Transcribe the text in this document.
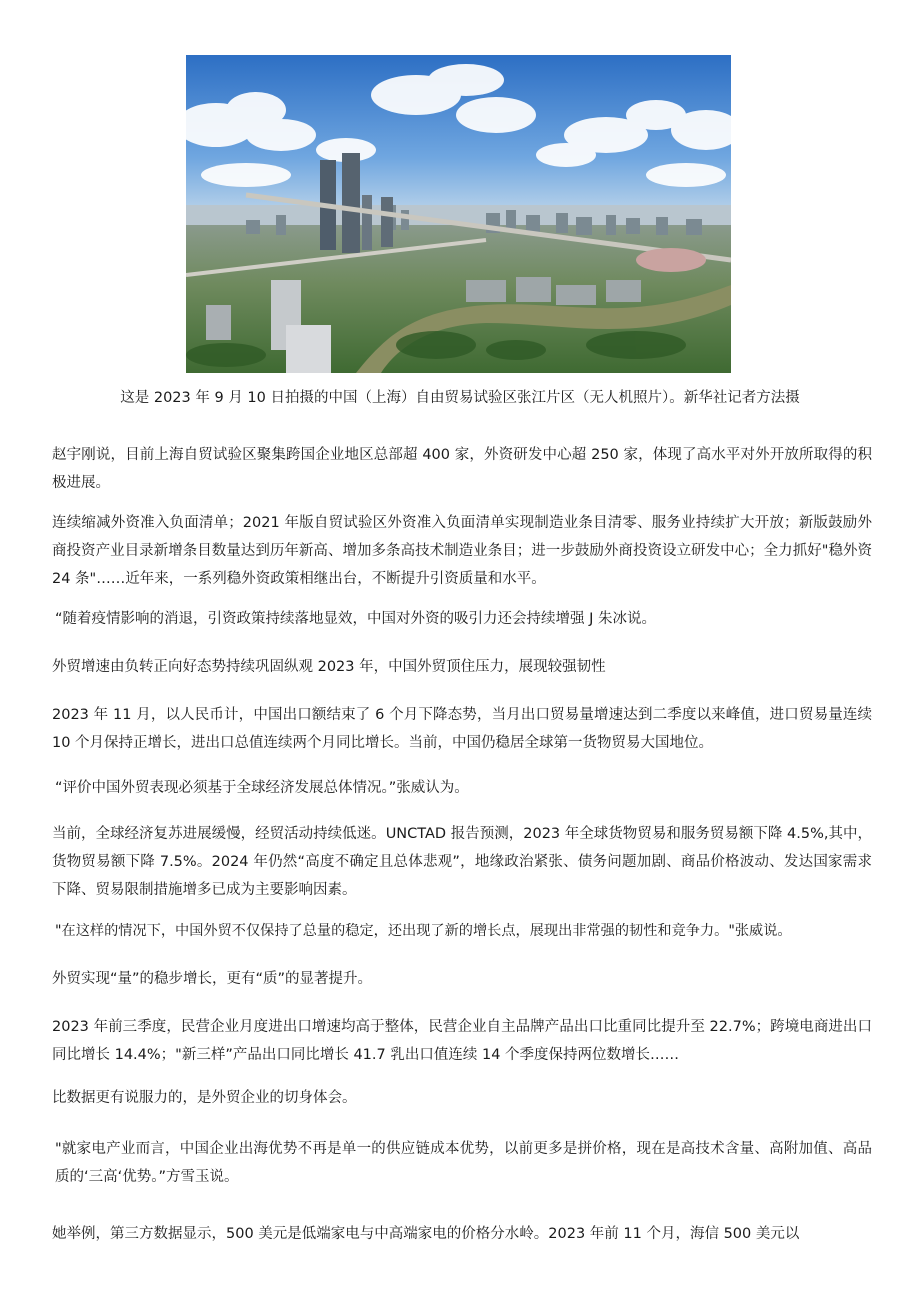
这是 2023 年 9 月 10 日拍摄的中国（上海）自由贸易试验区张江片区（无人机照片）。新华社记者方法摄

赵宇刚说，目前上海自贸试验区聚集跨国企业地区总部超 400 家，外资研发中心超 250 家，体现了高水平对外开放所取得的积极进展。

连续缩减外资准入负面清单；2021 年版自贸试验区外资准入负面清单实现制造业条目清零、服务业持续扩大开放；新版鼓励外商投资产业目录新增条目数量达到历年新高、增加多条高技术制造业条目；进一步鼓励外商投资设立研发中心；全力抓好"稳外资 24 条"……近年来，一系列稳外资政策相继出台，不断提升引资质量和水平。

“随着疫情影响的消退，引资政策持续落地显效，中国对外资的吸引力还会持续增强 J 朱冰说。

外贸增速由负转正向好态势持续巩固纵观 2023 年，中国外贸顶住压力，展现较强韧性

2023 年 11 月，以人民币计，中国出口额结束了 6 个月下降态势，当月出口贸易量增速达到二季度以来峰值，进口贸易量连续 10 个月保持正增长，进出口总值连续两个月同比增长。当前，中国仍稳居全球第一货物贸易大国地位。

“评价中国外贸表现必须基于全球经济发展总体情况。”张威认为。

当前，全球经济复苏进展缓慢，经贸活动持续低迷。UNCTAD 报告预测，2023 年全球货物贸易和服务贸易额下降 4.5%,其中，货物贸易额下降 7.5%。2024 年仍然“高度不确定且总体悲观”，地缘政治紧张、债务问题加剧、商品价格波动、发达国家需求下降、贸易限制措施增多已成为主要影响因素。

"在这样的情况下，中国外贸不仅保持了总量的稳定，还出现了新的增长点，展现出非常强的韧性和竞争力。"张威说。

外贸实现“量”的稳步增长，更有“质”的显著提升。

2023 年前三季度，民营企业月度进出口增速均高于整体，民营企业自主品牌产品出口比重同比提升至 22.7%；跨境电商进出口同比增长 14.4%；"新三样”产品出口同比增长 41.7 乳出口值连续 14 个季度保持两位数增长……

比数据更有说服力的，是外贸企业的切身体会。

"就家电产业而言，中国企业出海优势不再是单一的供应链成本优势，以前更多是拼价格，现在是高技术含量、高附加值、高品质的‘三高‘优势。”方雪玉说。

她举例，第三方数据显示，500 美元是低端家电与中高端家电的价格分水岭。2023 年前 11 个月，海信 500 美元以
